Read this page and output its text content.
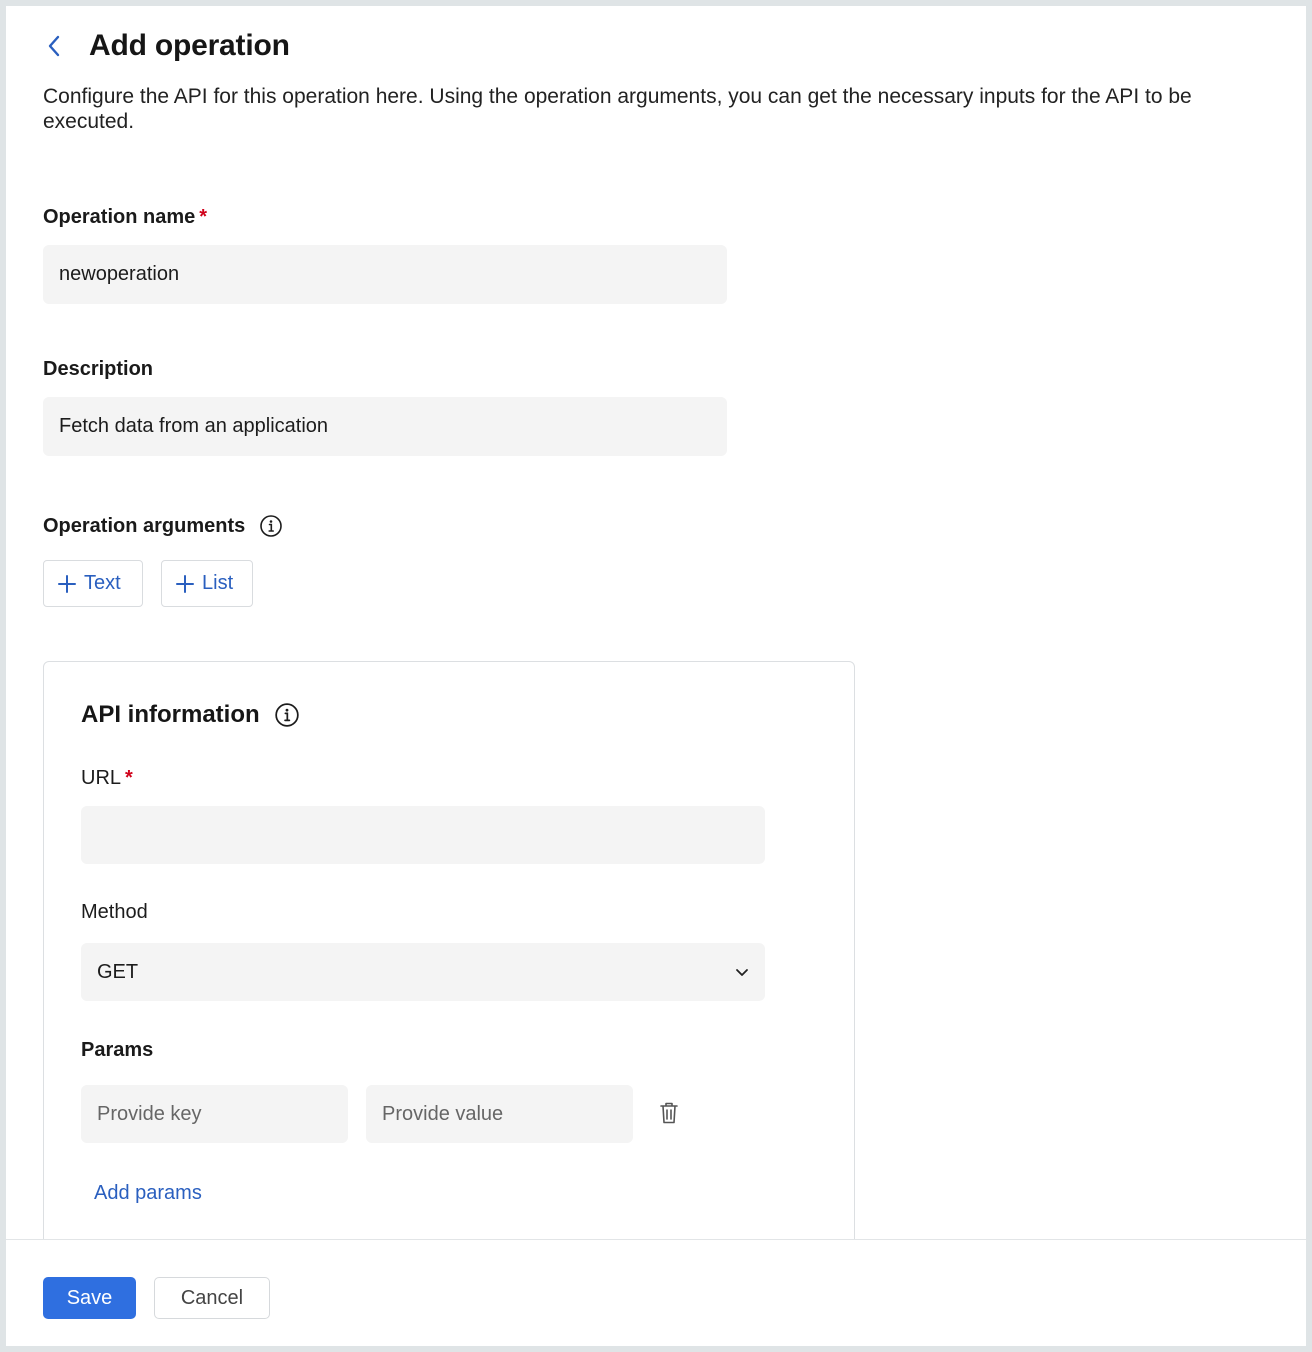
Add operation
Configure the API for this operation here. Using the operation arguments, you can get the necessary inputs for the API to be executed.
Operation name *
newoperation
Description
Fetch data from an application
Operation arguments
Text	List
API information
URL *
Method
GET
Params
Provide key	Provide value
Add params
Save	Cancel
